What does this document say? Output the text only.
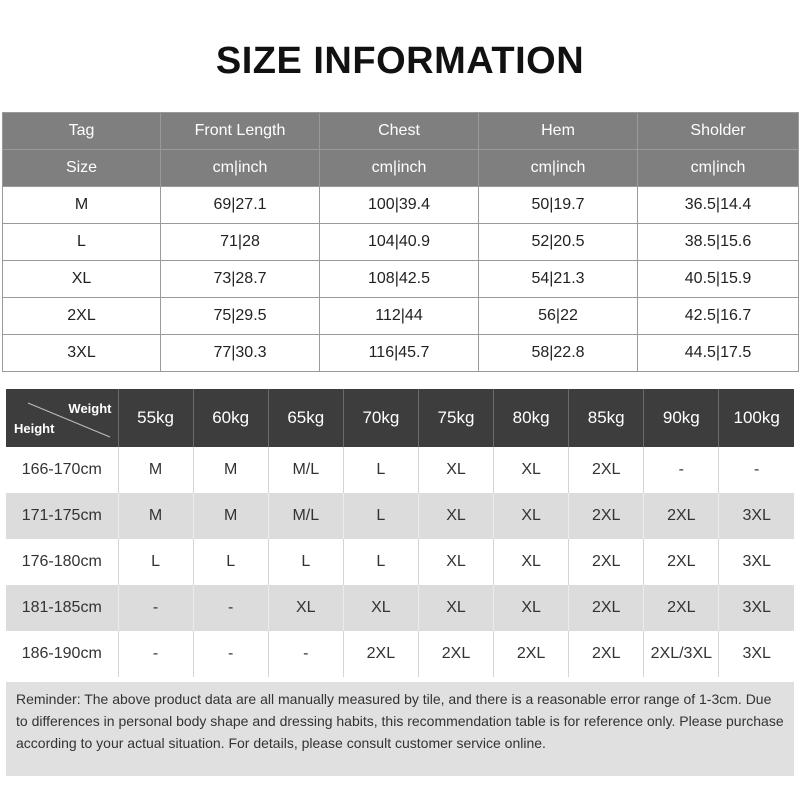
SIZE INFORMATION
Tag	Front Length	Chest	Hem	Sholder
Size	cm|inch	cm|inch	cm|inch	cm|inch
M	69|27.1	100|39.4	50|19.7	36.5|14.4
L	71|28	104|40.9	52|20.5	38.5|15.6
XL	73|28.7	108|42.5	54|21.3	40.5|15.9
2XL	75|29.5	112|44	56|22	42.5|16.7
3XL	77|30.3	116|45.7	58|22.8	44.5|17.5
Weight
Height	55kg	60kg	65kg	70kg	75kg	80kg	85kg	90kg	100kg
166-170cm	M	M	M/L	L	XL	XL	2XL	-	-
171-175cm	M	M	M/L	L	XL	XL	2XL	2XL	3XL
176-180cm	L	L	L	L	XL	XL	2XL	2XL	3XL
181-185cm	-	-	XL	XL	XL	XL	2XL	2XL	3XL
186-190cm	-	-	-	2XL	2XL	2XL	2XL	2XL/3XL	3XL
Reminder: The above product data are all manually measured by tile, and there is a reasonable error range of 1-3cm. Due to differences in personal body shape and dressing habits, this recommendation table is for reference only. Please purchase according to your actual situation. For details, please consult customer service online.
